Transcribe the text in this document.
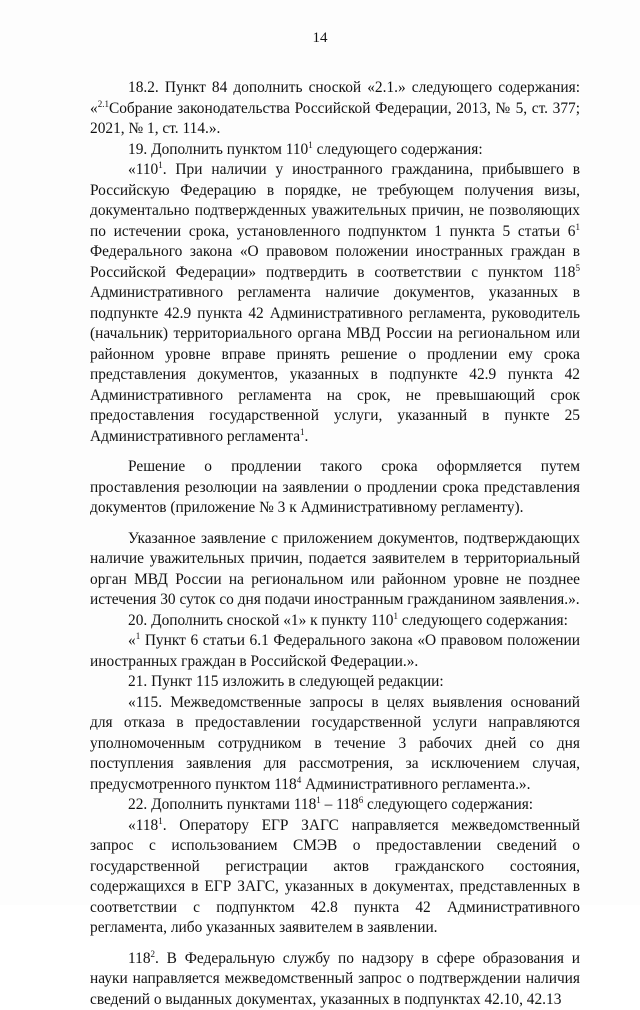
14

18.2. Пункт 84 дополнить сноской «2.1.» следующего содержания: «$^{2.1}$Собрание законодательства Российской Федерации, 2013, № 5, ст. 377; 2021, № 1, ст. 114.».

19. Дополнить пунктом $110^1$ следующего содержания:

«$110^1$. При наличии у иностранного гражданина, прибывшего в Российскую Федерацию в порядке, не требующем получения визы, документально подтвержденных уважительных причин, не позволяющих по истечении срока, установленного подпунктом 1 пункта 5 статьи $6^1$ Федерального закона «О правовом положении иностранных граждан в Российской Федерации» подтвердить в соответствии с пунктом $118^5$ Административного регламента наличие документов, указанных в подпункте 42.9 пункта 42 Административного регламента, руководитель (начальник) территориального органа МВД России на региональном или районном уровне вправе принять решение о продлении ему срока представления документов, указанных в подпункте 42.9 пункта 42 Административного регламента на срок, не превышающий срок предоставления государственной услуги, указанный в пункте 25 Административного регламента$^1$.

Решение о продлении такого срока оформляется путем проставления резолюции на заявлении о продлении срока представления документов (приложение № 3 к Административному регламенту).

Указанное заявление с приложением документов, подтверждающих наличие уважительных причин, подается заявителем в территориальный орган МВД России на региональном или районном уровне не позднее истечения 30 суток со дня подачи иностранным гражданином заявления.».

20. Дополнить сноской «1» к пункту $110^1$ следующего содержания:

«$^1$ Пункт 6 статьи 6.1 Федерального закона «О правовом положении иностранных граждан в Российской Федерации.».

21. Пункт 115 изложить в следующей редакции:

«115. Межведомственные запросы в целях выявления оснований для отказа в предоставлении государственной услуги направляются уполномоченным сотрудником в течение 3 рабочих дней со дня поступления заявления для рассмотрения, за исключением случая, предусмотренного пунктом $118^4$ Административного регламента.».

22. Дополнить пунктами $118^1 - 118^6$ следующего содержания:

«$118^1$. Оператору ЕГР ЗАГС направляется межведомственный запрос с использованием СМЭВ о предоставлении сведений о государственной регистрации актов гражданского состояния, содержащихся в ЕГР ЗАГС, указанных в документах, представленных в соответствии с подпунктом 42.8 пункта 42 Административного регламента, либо указанных заявителем в заявлении.

$118^2$. В Федеральную службу по надзору в сфере образования и науки направляется межведомственный запрос о подтверждении наличия сведений о выданных документах, указанных в подпунктах 42.10, 42.13
